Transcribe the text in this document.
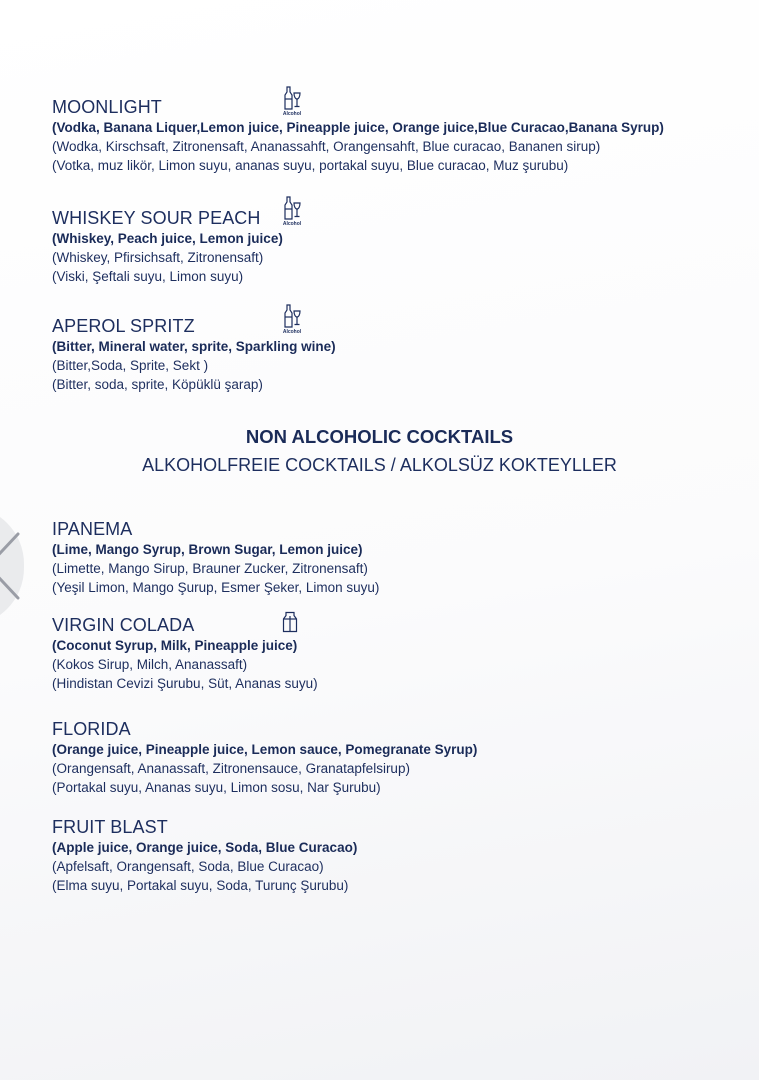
MOONLIGHT
(Vodka, Banana Liquer,Lemon juice, Pineapple juice, Orange juice,Blue Curacao,Banana Syrup)
(Wodka, Kirschsaft, Zitronensaft, Ananassahft, Orangensahft, Blue curacao, Bananen sirup)
(Votka, muz likör, Limon suyu, ananas suyu, portakal suyu, Blue curacao, Muz şurubu)
Alcohol
WHISKEY SOUR PEACH
(Whiskey, Peach juice, Lemon juice)
(Whiskey, Pfirsichsaft, Zitronensaft)
(Viski, Şeftali suyu, Limon suyu)
Alcohol
APEROL SPRITZ
(Bitter, Mineral water, sprite, Sparkling wine)
(Bitter,Soda, Sprite, Sekt )
(Bitter, soda, sprite, Köpüklü şarap)
Alcohol
NON ALCOHOLIC COCKTAILS
ALKOHOLFREIE COCKTAILS / ALKOLSÜZ KOKTEYLLER
IPANEMA
(Lime, Mango Syrup, Brown Sugar, Lemon juice)
(Limette, Mango Sirup, Brauner Zucker, Zitronensaft)
(Yeşil Limon, Mango Şurup, Esmer Şeker, Limon suyu)
VIRGIN COLADA
(Coconut Syrup, Milk, Pineapple juice)
(Kokos Sirup, Milch, Ananassaft)
(Hindistan Cevizi Şurubu, Süt, Ananas suyu)
FLORIDA
(Orange juice, Pineapple juice, Lemon sauce, Pomegranate Syrup)
(Orangensaft, Ananassaft, Zitronensauce, Granatapfelsirup)
(Portakal suyu, Ananas suyu, Limon sosu, Nar Şurubu)
FRUIT BLAST
(Apple juice, Orange juice, Soda, Blue Curacao)
(Apfelsaft, Orangensaft, Soda, Blue Curacao)
(Elma suyu, Portakal suyu, Soda, Turunç Şurubu)
